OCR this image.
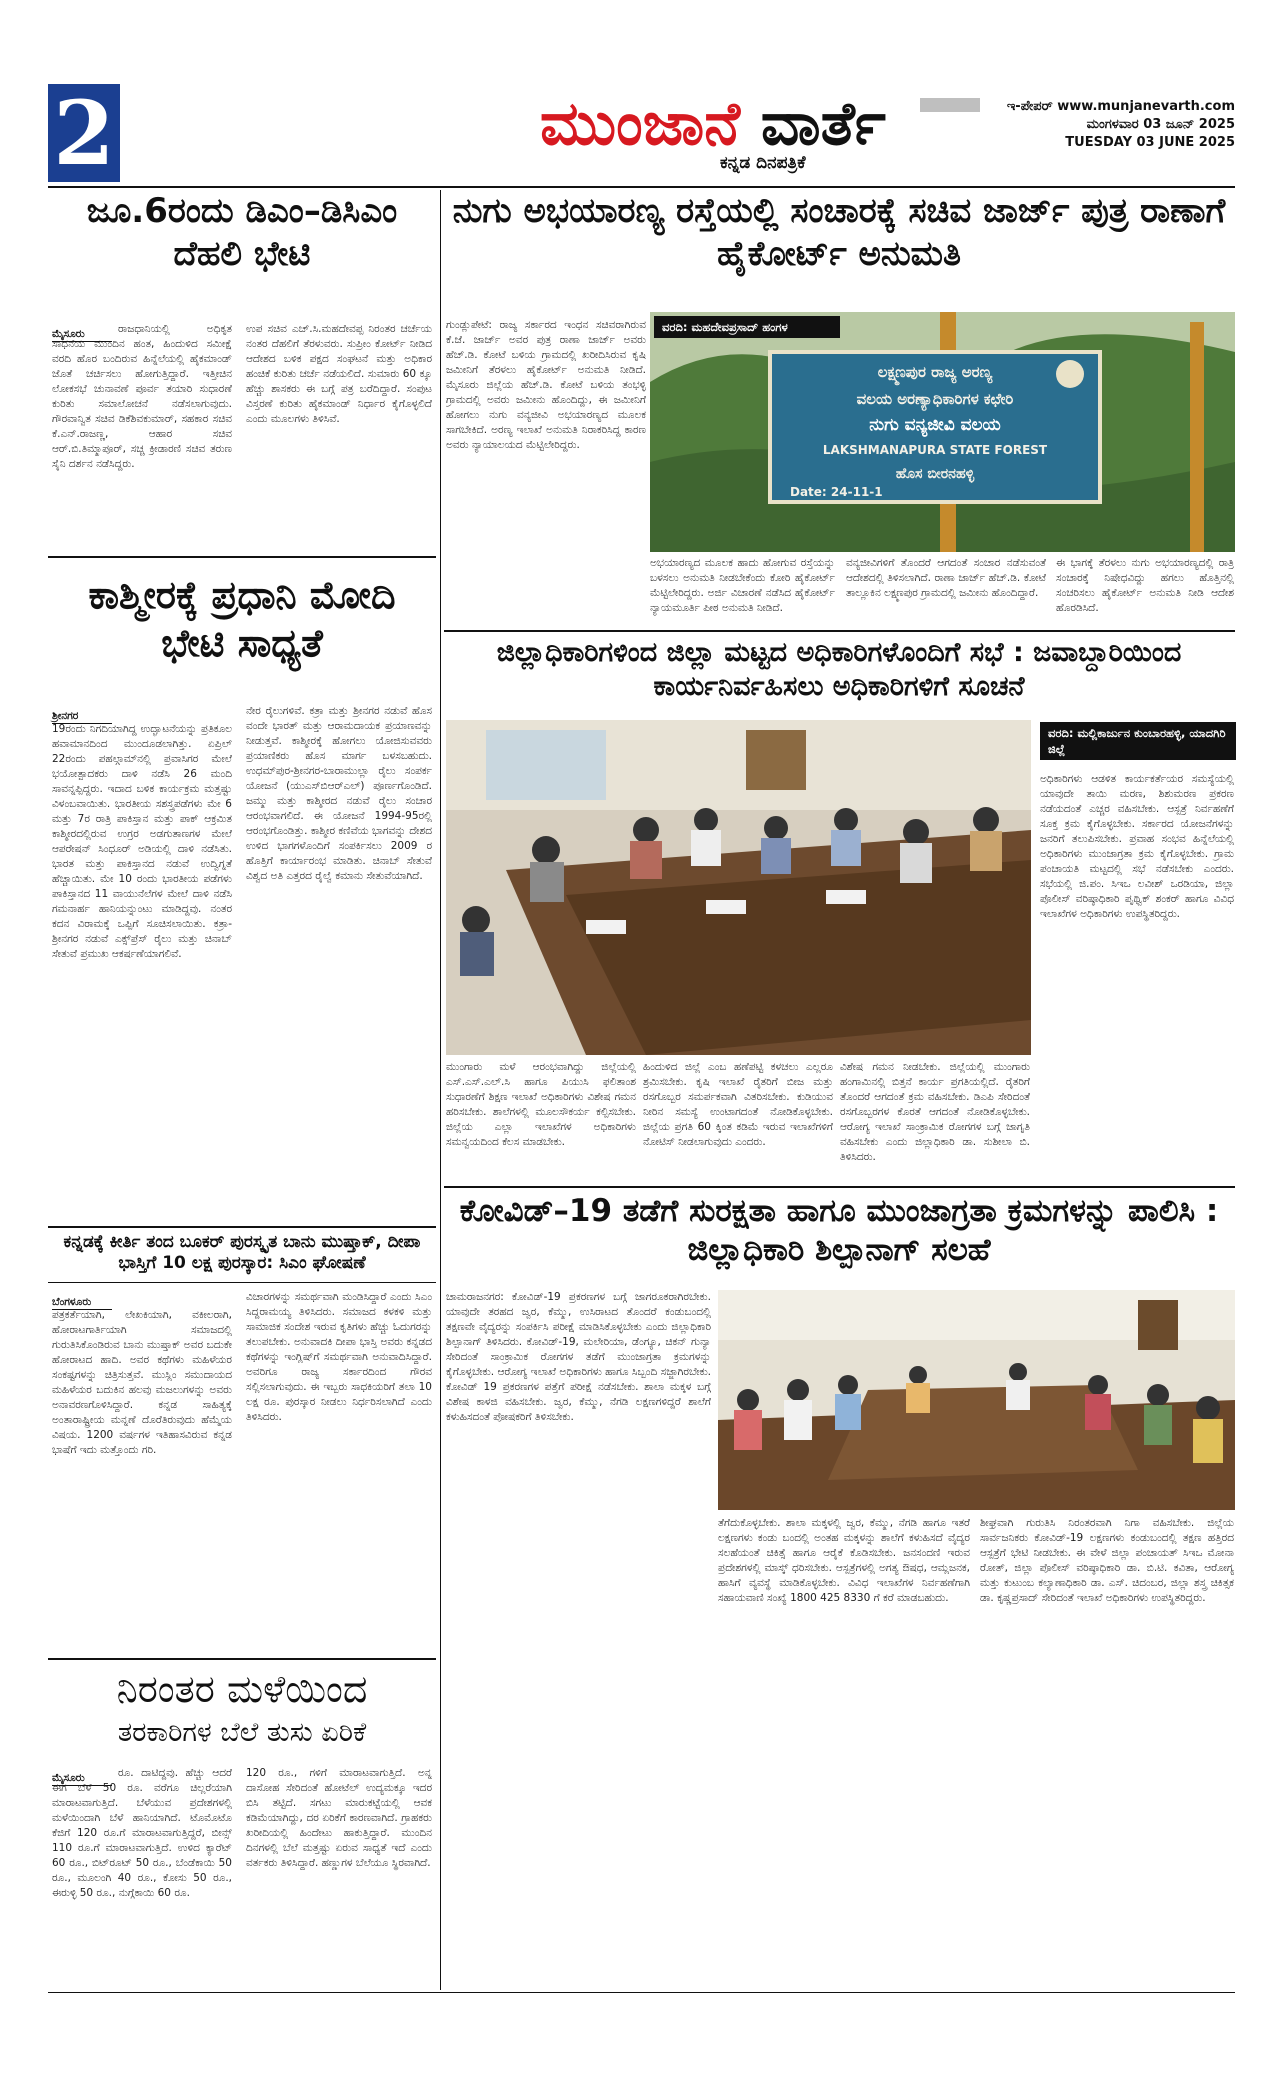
2	ಮುಂಜಾನೆ ವಾರ್ತೆ
ಕನ್ನಡ ದಿನಪತ್ರಿಕೆ
ಇ-ಪೇಪರ್ www.munjanevarth.com
ಮಂಗಳವಾರ 03 ಜೂನ್ 2025
TUESDAY 03 JUNE 2025
ಜೂ.6ರಂದು ಡಿಎಂ–ಡಿಸಿಎಂ ದೆಹಲಿ ಭೇಟಿ
ಮೈಸೂರು	ರಾಜಧಾನಿಯಲ್ಲಿ ಅಧಿಕೃತ ಸಾಧನೆಯ ಮುಂದಿನ ಹಂತ, ಹಿಂದುಳಿದ ಸಮೀಕ್ಷೆ ವರದಿ ಹೊರ ಬಂದಿರುವ ಹಿನ್ನೆಲೆಯಲ್ಲಿ ಹೈಕಮಾಂಡ್ ಜೊತೆ ಚರ್ಚಿಸಲು ಹೋಗುತ್ತಿದ್ದಾರೆ. ಇತ್ತೀಚಿನ ಲೋಕಸಭೆ ಚುನಾವಣೆ ಪೂರ್ವ ತಯಾರಿ ಸುಧಾರಣೆ ಕುರಿತು ಸಮಾಲೋಚನೆ ನಡೆಸಲಾಗುವುದು. ಗೌರವಾನ್ವಿತ ಸಚಿವ ಡಿಕೆಶಿವಕುಮಾರ್, ಸಹಕಾರ ಸಚಿವ ಕೆ.ಎನ್.ರಾಜಣ್ಣ, ಆಹಾರ ಸಚಿವ ಆರ್.ಬಿ.ತಿಮ್ಮಾಪೂರ್, ಸಚ್ಚ ಕ್ರೀಡಾರಣಿ ಸಚಿವ ತರುಣ ಸೈನಿ ದರ್ಶನ ನಡೆಸಿದ್ದರು.
ಉಪ ಸಚಿವ ಎಚ್.ಸಿ.ಮಹದೇವಪ್ಪ ನಿರಂತರ ಚರ್ಚೆಯ ನಂತರ ದೆಹಲಿಗೆ ತೆರಳುವರು. ಸುಪ್ರೀಂ ಕೋರ್ಟ್ ನೀಡಿದ ಆದೇಶದ ಬಳಿಕ ಪಕ್ಷದ ಸಂಘಟನೆ ಮತ್ತು ಅಧಿಕಾರ ಹಂಚಿಕೆ ಕುರಿತು ಚರ್ಚೆ ನಡೆಯಲಿದೆ. ಸುಮಾರು 60 ಕ್ಕೂ ಹೆಚ್ಚು ಶಾಸಕರು ಈ ಬಗ್ಗೆ ಪತ್ರ ಬರೆದಿದ್ದಾರೆ. ಸಂಪುಟ ವಿಸ್ತರಣೆ ಕುರಿತು ಹೈಕಮಾಂಡ್ ನಿರ್ಧಾರ ಕೈಗೊಳ್ಳಲಿದೆ ಎಂದು ಮೂಲಗಳು ತಿಳಿಸಿವೆ.
ಕಾಶ್ಮೀರಕ್ಕೆ ಪ್ರಧಾನಿ ಮೋದಿ ಭೇಟಿ ಸಾಧ್ಯತೆ
ಶ್ರೀನಗರ
19ರಂದು ನಿಗದಿಯಾಗಿದ್ದ ಉದ್ಘಾಟನೆಯನ್ನು ಪ್ರತಿಕೂಲ ಹವಾಮಾನದಿಂದ ಮುಂದೂಡಲಾಗಿತ್ತು. ಏಪ್ರಿಲ್ 22ರಂದು ಪಹಲ್ಗಾಮ್‌ನಲ್ಲಿ ಪ್ರವಾಸಿಗರ ಮೇಲೆ ಭಯೋತ್ಪಾದಕರು ದಾಳಿ ನಡೆಸಿ 26 ಮಂದಿ ಸಾವನ್ನಪ್ಪಿದ್ದರು. ಇದಾದ ಬಳಿಕ ಕಾರ್ಯಕ್ರಮ ಮತ್ತಷ್ಟು ವಿಳಂಬವಾಯಿತು. ಭಾರತೀಯ ಸಶಸ್ತ್ರಪಡೆಗಳು ಮೇ 6 ಮತ್ತು 7ರ ರಾತ್ರಿ ಪಾಕಿಸ್ತಾನ ಮತ್ತು ಪಾಕ್ ಆಕ್ರಮಿತ ಕಾಶ್ಮೀರದಲ್ಲಿರುವ ಉಗ್ರರ ಅಡಗುತಾಣಗಳ ಮೇಲೆ ಆಪರೇಷನ್ ಸಿಂಧೂರ್ ಅಡಿಯಲ್ಲಿ ದಾಳಿ ನಡೆಸಿತು. ಭಾರತ ಮತ್ತು ಪಾಕಿಸ್ತಾನದ ನಡುವೆ ಉದ್ವಿಗ್ನತೆ ಹೆಚ್ಚಾಯಿತು. ಮೇ 10 ರಂದು ಭಾರತೀಯ ಪಡೆಗಳು ಪಾಕಿಸ್ತಾನದ 11 ವಾಯುನೆಲೆಗಳ ಮೇಲೆ ದಾಳಿ ನಡೆಸಿ ಗಮನಾರ್ಹ ಹಾನಿಯನ್ನುಂಟು ಮಾಡಿದ್ದವು. ನಂತರ ಕದನ ವಿರಾಮಕ್ಕೆ ಒಪ್ಪಿಗೆ ಸೂಚಿಸಲಾಯಿತು. ಕತ್ರಾ-ಶ್ರೀನಗರ ನಡುವೆ ಎಕ್ಸ್‌ಪ್ರೆಸ್ ರೈಲು ಮತ್ತು ಚಿನಾಬ್ ಸೇತುವೆ ಪ್ರಮುಖ ಆಕರ್ಷಣೆಯಾಗಲಿವೆ.
ನೇರ ರೈಲುಗಳಿವೆ. ಕತ್ರಾ ಮತ್ತು ಶ್ರೀನಗರ ನಡುವೆ ಹೊಸ ವಂದೇ ಭಾರತ್ ಮತ್ತು ಆರಾಮದಾಯಕ ಪ್ರಯಾಣವನ್ನು ನೀಡುತ್ತವೆ. ಕಾಶ್ಮೀರಕ್ಕೆ ಹೋಗಲು ಯೋಜಿಸುವವರು ಪ್ರಯಾಣಿಕರು ಹೊಸ ಮಾರ್ಗ ಬಳಸಬಹುದು. ಉಧಮ್‌ಪುರ-ಶ್ರೀನಗರ-ಬಾರಾಮುಲ್ಲಾ ರೈಲು ಸಂಪರ್ಕ ಯೋಜನೆ (ಯುಎಸ್‌ಬಿಆರ್‌ಎಲ್) ಪೂರ್ಣಗೊಂಡಿದೆ. ಜಮ್ಮು ಮತ್ತು ಕಾಶ್ಮೀರದ ನಡುವೆ ರೈಲು ಸಂಚಾರ ಆರಂಭವಾಗಲಿದೆ. ಈ ಯೋಜನೆ 1994-95ರಲ್ಲಿ ಆರಂಭಗೊಂಡಿತ್ತು. ಕಾಶ್ಮೀರ ಕಣಿವೆಯ ಭಾಗವನ್ನು ದೇಶದ ಉಳಿದ ಭಾಗಗಳೊಂದಿಗೆ ಸಂಪರ್ಕಿಸಲು 2009 ರ ಹೊತ್ತಿಗೆ ಕಾರ್ಯಾರಂಭ ಮಾಡಿತು. ಚಿನಾಬ್ ಸೇತುವೆ ವಿಶ್ವದ ಅತಿ ಎತ್ತರದ ರೈಲ್ವೆ ಕಮಾನು ಸೇತುವೆಯಾಗಿದೆ.
ಕನ್ನಡಕ್ಕೆ ಕೀರ್ತಿ ತಂದ ಬೂಕರ್ ಪುರಸ್ಕೃತ ಬಾನು ಮುಷ್ತಾಕ್, ದೀಪಾ ಭಾಸ್ತಿಗೆ 10 ಲಕ್ಷ ಪುರಸ್ಕಾರ: ಸಿಎಂ ಘೋಷಣೆ
ಬೆಂಗಳೂರು
ಪತ್ರಕರ್ತೆಯಾಗಿ, ಲೇಖಕಿಯಾಗಿ, ವಕೀಲರಾಗಿ, ಹೋರಾಟಗಾರ್ತಿಯಾಗಿ ಸಮಾಜದಲ್ಲಿ ಗುರುತಿಸಿಕೊಂಡಿರುವ ಬಾನು ಮುಷ್ತಾಕ್ ಅವರ ಬದುಕೇ ಹೋರಾಟದ ಹಾದಿ. ಅವರ ಕಥೆಗಳು ಮಹಿಳೆಯರ ಸಂಕಷ್ಟಗಳನ್ನು ಚಿತ್ರಿಸುತ್ತವೆ. ಮುಸ್ಲಿಂ ಸಮುದಾಯದ ಮಹಿಳೆಯರ ಬದುಕಿನ ಹಲವು ಮಜಲುಗಳನ್ನು ಅವರು ಅನಾವರಣಗೊಳಿಸಿದ್ದಾರೆ. ಕನ್ನಡ ಸಾಹಿತ್ಯಕ್ಕೆ ಅಂತಾರಾಷ್ಟ್ರೀಯ ಮನ್ನಣೆ ದೊರೆತಿರುವುದು ಹೆಮ್ಮೆಯ ವಿಷಯ. 1200 ವರ್ಷಗಳ ಇತಿಹಾಸವಿರುವ ಕನ್ನಡ ಭಾಷೆಗೆ ಇದು ಮತ್ತೊಂದು ಗರಿ.
ವಿಚಾರಗಳನ್ನು ಸಮರ್ಥವಾಗಿ ಮಂಡಿಸಿದ್ದಾರೆ ಎಂದು ಸಿಎಂ ಸಿದ್ದರಾಮಯ್ಯ ತಿಳಿಸಿದರು. ಸಮಾಜದ ಕಳಕಳಿ ಮತ್ತು ಸಾಮಾಜಿಕ ಸಂದೇಶ ಇರುವ ಕೃತಿಗಳು ಹೆಚ್ಚು ಓದುಗರನ್ನು ತಲುಪಬೇಕು. ಅನುವಾದಕಿ ದೀಪಾ ಭಾಸ್ತಿ ಅವರು ಕನ್ನಡದ ಕಥೆಗಳನ್ನು ಇಂಗ್ಲಿಷ್‌ಗೆ ಸಮರ್ಥವಾಗಿ ಅನುವಾದಿಸಿದ್ದಾರೆ. ಅವರಿಗೂ ರಾಜ್ಯ ಸರ್ಕಾರದಿಂದ ಗೌರವ ಸಲ್ಲಿಸಲಾಗುವುದು. ಈ ಇಬ್ಬರು ಸಾಧಕಿಯರಿಗೆ ತಲಾ 10 ಲಕ್ಷ ರೂ. ಪುರಸ್ಕಾರ ನೀಡಲು ನಿರ್ಧರಿಸಲಾಗಿದೆ ಎಂದು ತಿಳಿಸಿದರು.
ನಿರಂತರ ಮಳೆಯಿಂದ
ತರಕಾರಿಗಳ ಬೆಲೆ ತುಸು ಏರಿಕೆ
ಮೈಸೂರು	ರೂ. ದಾಟಿದ್ದವು. ಹೆಚ್ಚು ಆದರೆ ಈಗ ಬೆಳೆ 50 ರೂ. ವರೆಗೂ ಚಿಲ್ಲರೆಯಾಗಿ ಮಾರಾಟವಾಗುತ್ತಿದೆ. ಬೆಳೆಯುವ ಪ್ರದೇಶಗಳಲ್ಲಿ ಮಳೆಯಿಂದಾಗಿ ಬೆಳೆ ಹಾನಿಯಾಗಿದೆ. ಟೊಮೊಟೊ ಕೆಜಿಗೆ 120 ರೂ.ಗೆ ಮಾರಾಟವಾಗುತ್ತಿದ್ದರೆ, ಬೀನ್ಸ್ 110 ರೂ.ಗೆ ಮಾರಾಟವಾಗುತ್ತಿದೆ. ಉಳಿದ ಕ್ಯಾರೆಟ್ 60 ರೂ., ಬಿಟ್‌ರೂಟ್ 50 ರೂ., ಬೆಂಡೆಕಾಯಿ 50 ರೂ., ಮೂಲಂಗಿ 40 ರೂ., ಕೋಸು 50 ರೂ., ಈರುಳ್ಳಿ 50 ರೂ., ನುಗ್ಗೆಕಾಯಿ 60 ರೂ.
120 ರೂ., ಗಳಿಗೆ ಮಾರಾಟವಾಗುತ್ತಿದೆ. ಅನ್ನ ದಾಸೋಹ ಸೇರಿದಂತೆ ಹೋಟೆಲ್ ಉದ್ಯಮಕ್ಕೂ ಇದರ ಬಿಸಿ ತಟ್ಟಿದೆ. ಸಗಟು ಮಾರುಕಟ್ಟೆಯಲ್ಲಿ ಆವಕ ಕಡಿಮೆಯಾಗಿದ್ದು, ದರ ಏರಿಕೆಗೆ ಕಾರಣವಾಗಿದೆ. ಗ್ರಾಹಕರು ಖರೀದಿಯಲ್ಲಿ ಹಿಂದೇಟು ಹಾಕುತ್ತಿದ್ದಾರೆ. ಮುಂದಿನ ದಿನಗಳಲ್ಲಿ ಬೆಲೆ ಮತ್ತಷ್ಟು ಏರುವ ಸಾಧ್ಯತೆ ಇದೆ ಎಂದು ವರ್ತಕರು ತಿಳಿಸಿದ್ದಾರೆ. ಹಣ್ಣುಗಳ ಬೆಲೆಯೂ ಸ್ಥಿರವಾಗಿದೆ.
ನುಗು ಅಭಯಾರಣ್ಯ ರಸ್ತೆಯಲ್ಲಿ ಸಂಚಾರಕ್ಕೆ ಸಚಿವ ಜಾರ್ಜ್ ಪುತ್ರ ರಾಣಾಗೆ ಹೈಕೋರ್ಟ್ ಅನುಮತಿ
ಗುಂಡ್ಲುಪೇಟೆ: ರಾಜ್ಯ ಸರ್ಕಾರದ ಇಂಧನ ಸಚಿವರಾಗಿರುವ ಕೆ.ಜೆ. ಜಾರ್ಜ್ ಅವರ ಪುತ್ರ ರಾಣಾ ಜಾರ್ಜ್ ಅವರು ಹೆಚ್.ಡಿ. ಕೋಟೆ ಬಳಿಯ ಗ್ರಾಮದಲ್ಲಿ ಖರೀದಿಸಿರುವ ಕೃಷಿ ಜಮೀನಿಗೆ ತೆರಳಲು ಹೈಕೋರ್ಟ್ ಅನುಮತಿ ನೀಡಿದೆ. ಮೈಸೂರು ಜಿಲ್ಲೆಯ ಹೆಚ್.ಡಿ. ಕೋಟೆ ಬಳಿಯ ತಂಭಳ್ಳಿ ಗ್ರಾಮದಲ್ಲಿ ಅವರು ಜಮೀನು ಹೊಂದಿದ್ದು, ಈ ಜಮೀನಿಗೆ ಹೋಗಲು ನುಗು ವನ್ಯಜೀವಿ ಅಭಯಾರಣ್ಯದ ಮೂಲಕ ಸಾಗಬೇಕಿದೆ. ಅರಣ್ಯ ಇಲಾಖೆ ಅನುಮತಿ ನಿರಾಕರಿಸಿದ್ದ ಕಾರಣ ಅವರು ನ್ಯಾಯಾಲಯದ ಮೆಟ್ಟಿಲೇರಿದ್ದರು.
ಲಕ್ಷ್ಮಣಪುರ ರಾಜ್ಯ ಅರಣ್ಯ
ವಲಯ ಅರಣ್ಯಾಧಿಕಾರಿಗಳ ಕಛೇರಿ
ನುಗು ವನ್ಯಜೀವಿ ವಲಯ
LAKSHMANAPURA STATE FOREST
ಹೊಸ ಬೀರನಹಳ್ಳಿ
Date: 24-11-1
ವರದಿ: ಮಹದೇವಪ್ರಸಾದ್ ಹಂಗಳ
ಅಭಯಾರಣ್ಯದ ಮೂಲಕ ಹಾದು ಹೋಗುವ ರಸ್ತೆಯನ್ನು ಬಳಸಲು ಅನುಮತಿ ನೀಡಬೇಕೆಂದು ಕೋರಿ ಹೈಕೋರ್ಟ್ ಮೆಟ್ಟಿಲೇರಿದ್ದರು. ಅರ್ಜಿ ವಿಚಾರಣೆ ನಡೆಸಿದ ಹೈಕೋರ್ಟ್ ನ್ಯಾಯಮೂರ್ತಿ ಪೀಠ ಅನುಮತಿ ನೀಡಿದೆ.
ವನ್ಯಜೀವಿಗಳಿಗೆ ತೊಂದರೆ ಆಗದಂತೆ ಸಂಚಾರ ನಡೆಸುವಂತೆ ಆದೇಶದಲ್ಲಿ ತಿಳಿಸಲಾಗಿದೆ. ರಾಣಾ ಜಾರ್ಜ್ ಹೆಚ್.ಡಿ. ಕೋಟೆ ತಾಲ್ಲೂಕಿನ ಲಕ್ಷ್ಮಣಪುರ ಗ್ರಾಮದಲ್ಲಿ ಜಮೀನು ಹೊಂದಿದ್ದಾರೆ.
ಈ ಭಾಗಕ್ಕೆ ತೆರಳಲು ನುಗು ಅಭಯಾರಣ್ಯದಲ್ಲಿ ರಾತ್ರಿ ಸಂಚಾರಕ್ಕೆ ನಿಷೇಧವಿದ್ದು ಹಗಲು ಹೊತ್ತಿನಲ್ಲಿ ಸಂಚರಿಸಲು ಹೈಕೋರ್ಟ್ ಅನುಮತಿ ನೀಡಿ ಆದೇಶ ಹೊರಡಿಸಿದೆ.
ಜಿಲ್ಲಾಧಿಕಾರಿಗಳಿಂದ ಜಿಲ್ಲಾ ಮಟ್ಟದ ಅಧಿಕಾರಿಗಳೊಂದಿಗೆ ಸಭೆ : ಜವಾಬ್ದಾರಿಯಿಂದ ಕಾರ್ಯನಿರ್ವಹಿಸಲು ಅಧಿಕಾರಿಗಳಿಗೆ ಸೂಚನೆ
ವರದಿ: ಮಲ್ಲಿಕಾರ್ಜುನ ಕುಂಬಾರಹಳ್ಳಿ, ಯಾದಗಿರಿ ಜಿಲ್ಲೆ
ಅಧಿಕಾರಿಗಳು ಆಡಳಿತ ಕಾರ್ಯಕರ್ತೆಯರ ಸಮಸ್ಯೆಯಲ್ಲಿ ಯಾವುದೇ ತಾಯಿ ಮರಣ, ಶಿಶುಮರಣ ಪ್ರಕರಣ ನಡೆಯದಂತೆ ಎಚ್ಚರ ವಹಿಸಬೇಕು. ಆಸ್ಪತ್ರೆ ನಿರ್ವಹಣೆಗೆ ಸೂಕ್ತ ಕ್ರಮ ಕೈಗೊಳ್ಳಬೇಕು. ಸರ್ಕಾರದ ಯೋಜನೆಗಳನ್ನು ಜನರಿಗೆ ತಲುಪಿಸಬೇಕು. ಪ್ರವಾಹ ಸಂಭವ ಹಿನ್ನೆಲೆಯಲ್ಲಿ ಅಧಿಕಾರಿಗಳು ಮುಂಜಾಗ್ರತಾ ಕ್ರಮ ಕೈಗೊಳ್ಳಬೇಕು. ಗ್ರಾಮ ಪಂಚಾಯತಿ ಮಟ್ಟದಲ್ಲಿ ಸಭೆ ನಡೆಸಬೇಕು ಎಂದರು. ಸಭೆಯಲ್ಲಿ ಜಿ.ಪಂ. ಸಿಇಒ ಲವೀಶ್ ಒರಡಿಯಾ, ಜಿಲ್ಲಾ ಪೊಲೀಸ್ ವರಿಷ್ಠಾಧಿಕಾರಿ ಪೃಥ್ವಿಕ್ ಶಂಕರ್ ಹಾಗೂ ವಿವಿಧ ಇಲಾಖೆಗಳ ಅಧಿಕಾರಿಗಳು ಉಪಸ್ಥಿತರಿದ್ದರು.
ಮುಂಗಾರು ಮಳೆ ಆರಂಭವಾಗಿದ್ದು ಜಿಲ್ಲೆಯಲ್ಲಿ ಎಸ್.ಎಸ್.ಎಲ್.ಸಿ ಹಾಗೂ ಪಿಯುಸಿ ಫಲಿತಾಂಶ ಸುಧಾರಣೆಗೆ ಶಿಕ್ಷಣ ಇಲಾಖೆ ಅಧಿಕಾರಿಗಳು ವಿಶೇಷ ಗಮನ ಹರಿಸಬೇಕು. ಶಾಲೆಗಳಲ್ಲಿ ಮೂಲಸೌಕರ್ಯ ಕಲ್ಪಿಸಬೇಕು. ಜಿಲ್ಲೆಯ ಎಲ್ಲಾ ಇಲಾಖೆಗಳ ಅಧಿಕಾರಿಗಳು ಸಮನ್ವಯದಿಂದ ಕೆಲಸ ಮಾಡಬೇಕು.
ಹಿಂದುಳಿದ ಜಿಲ್ಲೆ ಎಂಬ ಹಣೆಪಟ್ಟಿ ಕಳಚಲು ಎಲ್ಲರೂ ಶ್ರಮಿಸಬೇಕು. ಕೃಷಿ ಇಲಾಖೆ ರೈತರಿಗೆ ಬೀಜ ಮತ್ತು ರಸಗೊಬ್ಬರ ಸಮರ್ಪಕವಾಗಿ ವಿತರಿಸಬೇಕು. ಕುಡಿಯುವ ನೀರಿನ ಸಮಸ್ಯೆ ಉಂಟಾಗದಂತೆ ನೋಡಿಕೊಳ್ಳಬೇಕು. ಜಿಲ್ಲೆಯ ಪ್ರಗತಿ 60 ಕ್ಕಿಂತ ಕಡಿಮೆ ಇರುವ ಇಲಾಖೆಗಳಿಗೆ ನೋಟಿಸ್ ನೀಡಲಾಗುವುದು ಎಂದರು.
ವಿಶೇಷ ಗಮನ ನೀಡಬೇಕು. ಜಿಲ್ಲೆಯಲ್ಲಿ ಮುಂಗಾರು ಹಂಗಾಮಿನಲ್ಲಿ ಬಿತ್ತನೆ ಕಾರ್ಯ ಪ್ರಗತಿಯಲ್ಲಿದೆ. ರೈತರಿಗೆ ತೊಂದರೆ ಆಗದಂತೆ ಕ್ರಮ ವಹಿಸಬೇಕು. ಡಿಎಪಿ ಸೇರಿದಂತೆ ರಸಗೊಬ್ಬರಗಳ ಕೊರತೆ ಆಗದಂತೆ ನೋಡಿಕೊಳ್ಳಬೇಕು. ಆರೋಗ್ಯ ಇಲಾಖೆ ಸಾಂಕ್ರಾಮಿಕ ರೋಗಗಳ ಬಗ್ಗೆ ಜಾಗೃತಿ ವಹಿಸಬೇಕು ಎಂದು ಜಿಲ್ಲಾಧಿಕಾರಿ ಡಾ. ಸುಶೀಲಾ ಬಿ. ತಿಳಿಸಿದರು.
ಕೋವಿಡ್–19 ತಡೆಗೆ ಸುರಕ್ಷತಾ ಹಾಗೂ ಮುಂಜಾಗ್ರತಾ ಕ್ರಮಗಳನ್ನು ಪಾಲಿಸಿ : ಜಿಲ್ಲಾಧಿಕಾರಿ ಶಿಲ್ಪಾನಾಗ್ ಸಲಹೆ
ಚಾಮರಾಜನಗರ: ಕೋವಿಡ್-19 ಪ್ರಕರಣಗಳ ಬಗ್ಗೆ ಜಾಗರೂಕರಾಗಿರಬೇಕು. ಯಾವುದೇ ತರಹದ ಜ್ವರ, ಕೆಮ್ಮು, ಉಸಿರಾಟದ ತೊಂದರೆ ಕಂಡುಬಂದಲ್ಲಿ ತಕ್ಷಣವೇ ವೈದ್ಯರನ್ನು ಸಂಪರ್ಕಿಸಿ ಪರೀಕ್ಷೆ ಮಾಡಿಸಿಕೊಳ್ಳಬೇಕು ಎಂದು ಜಿಲ್ಲಾಧಿಕಾರಿ ಶಿಲ್ಪಾನಾಗ್ ತಿಳಿಸಿದರು. ಕೋವಿಡ್-19, ಮಲೇರಿಯಾ, ಡೆಂಗ್ಯೂ, ಚಿಕನ್ ಗುನ್ಯಾ ಸೇರಿದಂತೆ ಸಾಂಕ್ರಾಮಿಕ ರೋಗಗಳ ತಡೆಗೆ ಮುಂಜಾಗ್ರತಾ ಕ್ರಮಗಳನ್ನು ಕೈಗೊಳ್ಳಬೇಕು. ಆರೋಗ್ಯ ಇಲಾಖೆ ಅಧಿಕಾರಿಗಳು ಹಾಗೂ ಸಿಬ್ಬಂದಿ ಸಜ್ಜಾಗಿರಬೇಕು. ಕೋವಿಡ್ 19 ಪ್ರಕರಣಗಳ ಪತ್ತೆಗೆ ಪರೀಕ್ಷೆ ನಡೆಸಬೇಕು. ಶಾಲಾ ಮಕ್ಕಳ ಬಗ್ಗೆ ವಿಶೇಷ ಕಾಳಜಿ ವಹಿಸಬೇಕು. ಜ್ವರ, ಕೆಮ್ಮು, ನೆಗಡಿ ಲಕ್ಷಣಗಳಿದ್ದರೆ ಶಾಲೆಗೆ ಕಳುಹಿಸದಂತೆ ಪೋಷಕರಿಗೆ ತಿಳಿಸಬೇಕು.
ತೆಗೆದುಕೊಳ್ಳಬೇಕು. ಶಾಲಾ ಮಕ್ಕಳಲ್ಲಿ ಜ್ವರ, ಕೆಮ್ಮು, ನೆಗಡಿ ಹಾಗೂ ಇತರೆ ಲಕ್ಷಣಗಳು ಕಂಡು ಬಂದಲ್ಲಿ ಅಂತಹ ಮಕ್ಕಳನ್ನು ಶಾಲೆಗೆ ಕಳುಹಿಸದೆ ವೈದ್ಯರ ಸಲಹೆಯಂತೆ ಚಿಕಿತ್ಸೆ ಹಾಗೂ ಆರೈಕೆ ಕೊಡಿಸಬೇಕು. ಜನಸಂದಣಿ ಇರುವ ಪ್ರದೇಶಗಳಲ್ಲಿ ಮಾಸ್ಕ್ ಧರಿಸಬೇಕು. ಆಸ್ಪತ್ರೆಗಳಲ್ಲಿ ಅಗತ್ಯ ಔಷಧ, ಆಮ್ಲಜನಕ, ಹಾಸಿಗೆ ವ್ಯವಸ್ಥೆ ಮಾಡಿಕೊಳ್ಳಬೇಕು. ವಿವಿಧ ಇಲಾಖೆಗಳ ನಿರ್ವಹಣೆಗಾಗಿ ಸಹಾಯವಾಣಿ ಸಂಖ್ಯೆ 1800 425 8330 ಗೆ ಕರೆ ಮಾಡಬಹುದು.
ಶೀಘ್ರವಾಗಿ ಗುರುತಿಸಿ ನಿರಂತರವಾಗಿ ನಿಗಾ ವಹಿಸಬೇಕು. ಜಿಲ್ಲೆಯ ಸಾರ್ವಜನಿಕರು ಕೋವಿಡ್-19 ಲಕ್ಷಣಗಳು ಕಂಡುಬಂದಲ್ಲಿ ತಕ್ಷಣ ಹತ್ತಿರದ ಆಸ್ಪತ್ರೆಗೆ ಭೇಟಿ ನೀಡಬೇಕು. ಈ ವೇಳೆ ಜಿಲ್ಲಾ ಪಂಚಾಯತ್ ಸಿಇಒ ಮೋನಾ ರೋತ್, ಜಿಲ್ಲಾ ಪೊಲೀಸ್ ವರಿಷ್ಠಾಧಿಕಾರಿ ಡಾ. ಬಿ.ಟಿ. ಕವಿತಾ, ಆರೋಗ್ಯ ಮತ್ತು ಕುಟುಂಬ ಕಲ್ಯಾಣಾಧಿಕಾರಿ ಡಾ. ಎಸ್. ಚಿದಂಬರ, ಜಿಲ್ಲಾ ಶಸ್ತ್ರ ಚಿಕಿತ್ಸಕ ಡಾ. ಕೃಷ್ಣಪ್ರಸಾದ್ ಸೇರಿದಂತೆ ಇಲಾಖೆ ಅಧಿಕಾರಿಗಳು ಉಪಸ್ಥಿತರಿದ್ದರು.
